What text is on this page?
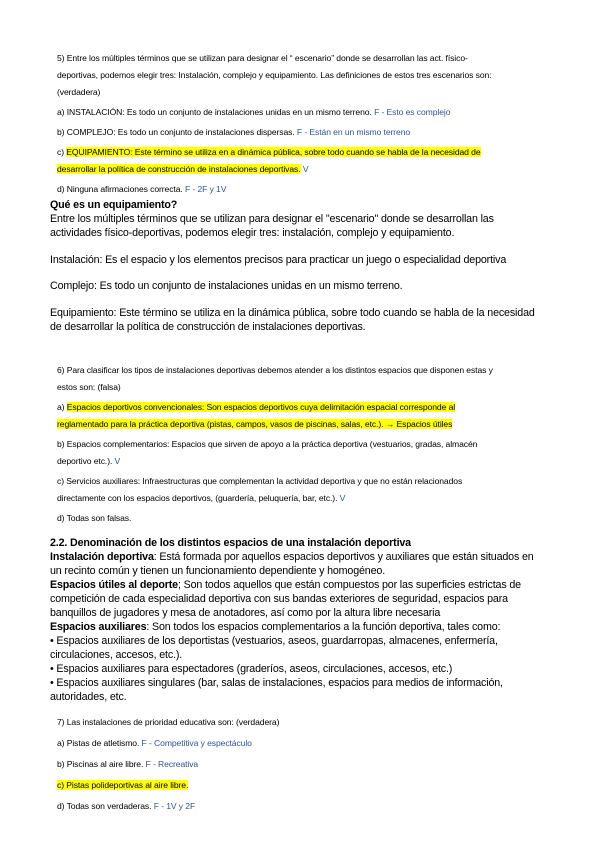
5) Entre los múltiples términos que se utilizan para designar el “ escenario” donde se desarrollan las act. físico-
deportivas, podemos elegir tres: Instalación, complejo y equipamiento. Las definiciones de estos tres escenarios son:
(verdadera)

a) INSTALACIÓN: Es todo un conjunto de instalaciones unidas en un mismo terreno. F - Esto es complejo

b) COMPLEJO: Es todo un conjunto de instalaciones dispersas. F - Están en un mismo terreno

c) EQUIPAMIENTO: Este término se utiliza en a dinámica pública, sobre todo cuando se habla de la necesidad de
desarrollar la política de construcción de instalaciones deportivas. V

d) Ninguna afirmaciones correcta. F - 2F y 1V

Qué es un equipamiento?

Entre los múltiples términos que se utilizan para designar el "escenario" donde se desarrollan las
actividades físico-deportivas, podemos elegir tres: instalación, complejo y equipamiento.

Instalación: Es el espacio y los elementos precisos para practicar un juego o especialidad deportiva

Complejo: Es todo un conjunto de instalaciones unidas en un mismo terreno.

Equipamiento: Este término se utiliza en la dinámica pública, sobre todo cuando se habla de la necesidad
de desarrollar la política de construcción de instalaciones deportivas.

6) Para clasificar los tipos de instalaciones deportivas debemos atender a los distintos espacios que disponen estas y
estos son: (falsa)

a) Espacios deportivos convencionales: Son espacios deportivos cuya delimitación espacial corresponde al
reglamentado para la práctica deportiva (pistas, campos, vasos de piscinas, salas, etc.). → Espacios útiles

b) Espacios complementarios: Espacios que sirven de apoyo a la práctica deportiva (vestuarios, gradas, almacén
deportivo etc.). V

c) Servicios auxiliares: Infraestructuras que complementan la actividad deportiva y que no están relacionados
directamente con los espacios deportivos, (guardería, peluquería, bar, etc.). V

d) Todas son falsas.

2.2. Denominación de los distintos espacios de una instalación deportiva

Instalación deportiva: Está formada por aquellos espacios deportivos y auxiliares que están situados en
un recinto común y tienen un funcionamiento dependiente y homogéneo.

Espacios útiles al deporte; Son todos aquellos que están compuestos por las superficies estrictas de
competición de cada especialidad deportiva con sus bandas exteriores de seguridad, espacios para
banquillos de jugadores y mesa de anotadores, así como por la altura libre necesaria

Espacios auxiliares: Son todos los espacios complementarios a la función deportiva, tales como:

• Espacios auxiliares de los deportistas (vestuarios, aseos, guardarropas, almacenes, enfermería,
circulaciones, accesos, etc.).

• Espacios auxiliares para espectadores (graderíos, aseos, circulaciones, accesos, etc.)

• Espacios auxiliares singulares (bar, salas de instalaciones, espacios para medios de información,
autoridades, etc.

7) Las instalaciones de prioridad educativa son: (verdadera)

a) Pistas de atletismo. F - Competitiva y espectáculo

b) Piscinas al aire libre. F - Recreativa

c) Pistas polideportivas al aire libre.

d) Todas son verdaderas. F - 1V y 2F
